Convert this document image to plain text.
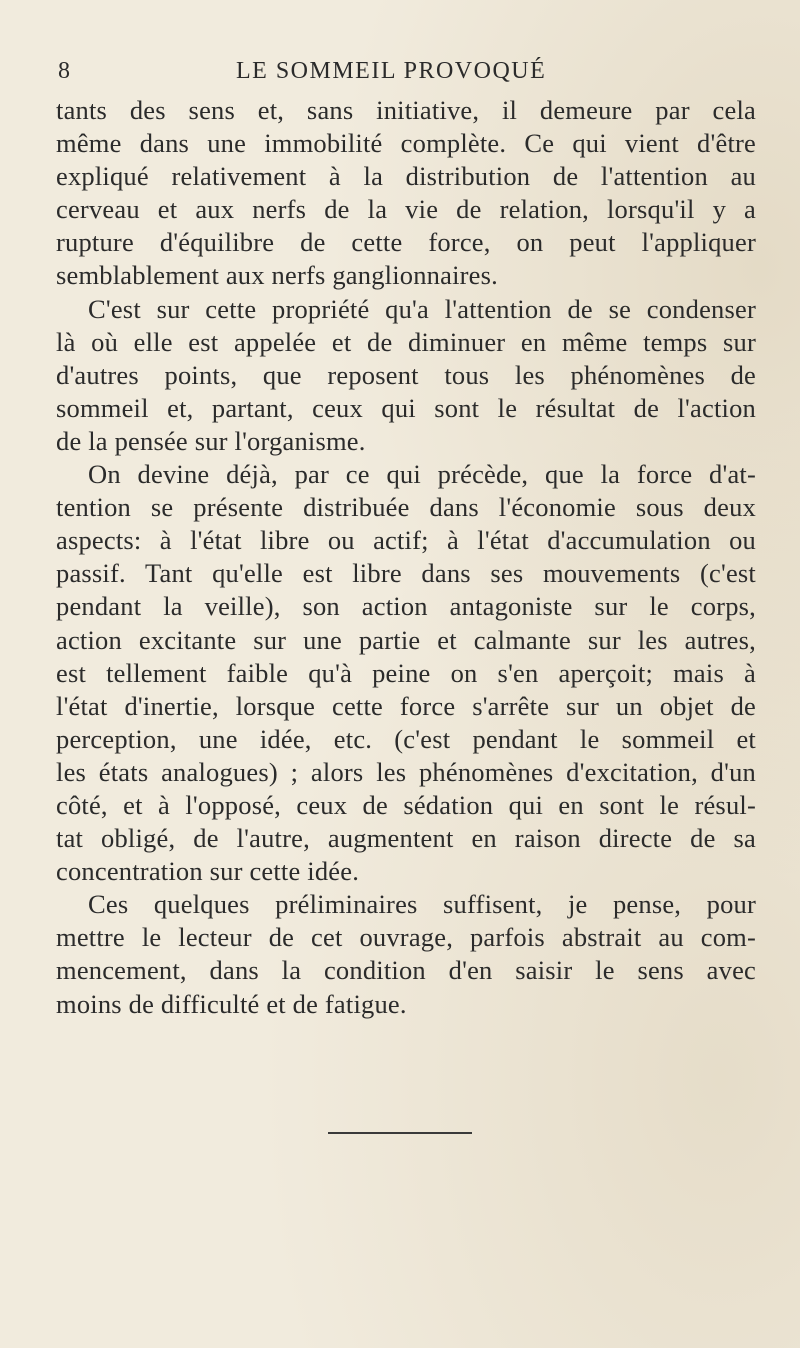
8	LE SOMMEIL PROVOQUÉ
tants des sens et, sans initiative, il demeure par cela
même dans une immobilité complète. Ce qui vient d'être
expliqué relativement à la distribution de l'attention au
cerveau et aux nerfs de la vie de relation, lorsqu'il y a
rupture d'équilibre de cette force, on peut l'appliquer
semblablement aux nerfs ganglionnaires.
C'est sur cette propriété qu'a l'attention de se condenser
là où elle est appelée et de diminuer en même temps sur
d'autres points, que reposent tous les phénomènes de
sommeil et, partant, ceux qui sont le résultat de l'action
de la pensée sur l'organisme.
On devine déjà, par ce qui précède, que la force d'at-
tention se présente distribuée dans l'économie sous deux
aspects: à l'état libre ou actif; à l'état d'accumulation ou
passif. Tant qu'elle est libre dans ses mouvements (c'est
pendant la veille), son action antagoniste sur le corps,
action excitante sur une partie et calmante sur les autres,
est tellement faible qu'à peine on s'en aperçoit; mais à
l'état d'inertie, lorsque cette force s'arrête sur un objet de
perception, une idée, etc. (c'est pendant le sommeil et
les états analogues) ; alors les phénomènes d'excitation, d'un
côté, et à l'opposé, ceux de sédation qui en sont le résul-
tat obligé, de l'autre, augmentent en raison directe de sa
concentration sur cette idée.
Ces quelques préliminaires suffisent, je pense, pour
mettre le lecteur de cet ouvrage, parfois abstrait au com-
mencement, dans la condition d'en saisir le sens avec
moins de difficulté et de fatigue.
